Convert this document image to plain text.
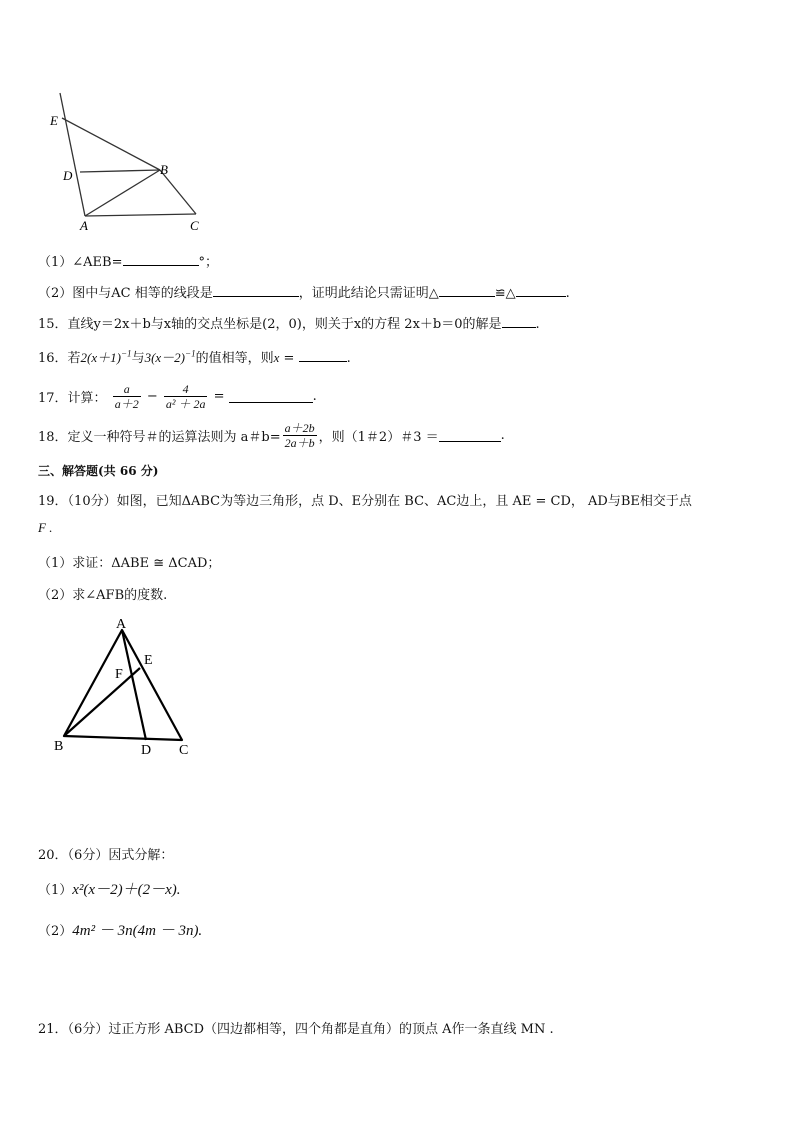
E
D	B
A	C
（1）∠AEB=	°；
（2）图中与AC 相等的线段是	，证明此结论只需证明△	≌△	.
15．直线y＝2x＋b与x轴的交点坐标是(2，0)，则关于x的方程 2x＋b＝0的解是	.
16．若$2(x+1)^{-1}$与$3(x-2)^{-1}$的值相等，则x =	.
17．计算： $\frac{a}{a+2} - \frac{4}{\text{a² ＋ 2a}}$ =	.
18．定义一种符号＃的运算法则为 a＃$b= \frac{a+2b}{2a+b}$ ，则（1＃2）＃3 ＝	.
三、解答题(共 66 分)
19．（10分）如图，已知ΔABC为等边三角形，点 D、E分别在 BC、AC边上，且 AE = CD， AD与BE相交于点
F .
（1）求证：ΔABE ≅ ΔCAD；
（2）求∠AFB的度数.
A
F
E
B	D C
20．（6分）因式分解：
（1）x²(x－2)＋(2－x).
（2）4m² － 3n(4m － 3n).
21．（6分）过正方形 ABCD（四边都相等，四个角都是直角）的顶点 A作一条直线 MN .
